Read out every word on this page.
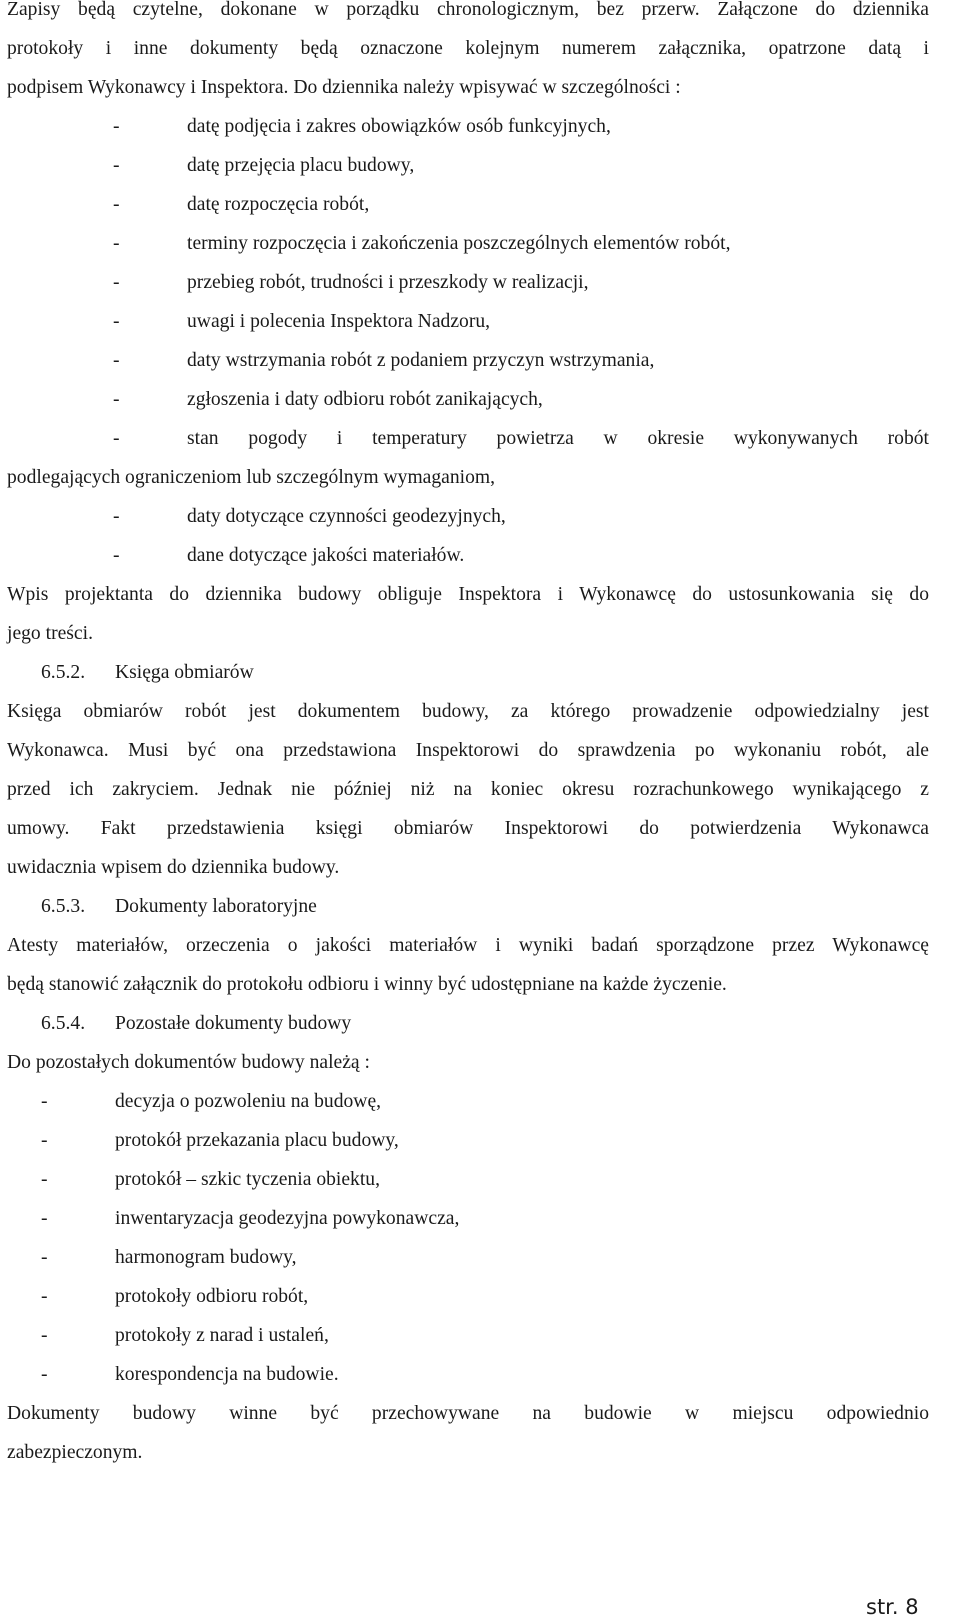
Zapisy będą czytelne, dokonane w porządku chronologicznym, bez przerw. Załączone do dziennika
protokoły i inne dokumenty będą oznaczone kolejnym numerem załącznika, opatrzone datą i
podpisem Wykonawcy i Inspektora. Do dziennika należy wpisywać w szczególności :
-	datę podjęcia i zakres obowiązków osób funkcyjnych,
-	datę przejęcia placu budowy,
-	datę rozpoczęcia robót,
-	terminy rozpoczęcia i zakończenia poszczególnych elementów robót,
-	przebieg robót, trudności i przeszkody w realizacji,
-	uwagi i polecenia Inspektora Nadzoru,
-	daty wstrzymania robót z podaniem przyczyn wstrzymania,
-	zgłoszenia i daty odbioru robót zanikających,
-	stan pogody i temperatury powietrza w okresie wykonywanych robót
podlegających ograniczeniom lub szczególnym wymaganiom,
-	daty dotyczące czynności geodezyjnych,
-	dane dotyczące jakości materiałów.
Wpis projektanta do dziennika budowy obliguje Inspektora i Wykonawcę do ustosunkowania się do
jego treści.
6.5.2. Księga obmiarów
Księga obmiarów robót jest dokumentem budowy, za którego prowadzenie odpowiedzialny jest
Wykonawca. Musi być ona przedstawiona Inspektorowi do sprawdzenia po wykonaniu robót, ale
przed ich zakryciem. Jednak nie później niż na koniec okresu rozrachunkowego wynikającego z
umowy. Fakt przedstawienia księgi obmiarów Inspektorowi do potwierdzenia Wykonawca
uwidacznia wpisem do dziennika budowy.
6.5.3. Dokumenty laboratoryjne
Atesty materiałów, orzeczenia o jakości materiałów i wyniki badań sporządzone przez Wykonawcę
będą stanowić załącznik do protokołu odbioru i winny być udostępniane na każde życzenie.
6.5.4. Pozostałe dokumenty budowy
Do pozostałych dokumentów budowy należą :
-	decyzja o pozwoleniu na budowę,
-	protokół przekazania placu budowy,
-	protokół – szkic tyczenia obiektu,
-	inwentaryzacja geodezyjna powykonawcza,
-	harmonogram budowy,
-	protokoły odbioru robót,
-	protokoły z narad i ustaleń,
-	korespondencja na budowie.
Dokumenty budowy winne być przechowywane na budowie w miejscu odpowiednio
zabezpieczonym.
str. 8
